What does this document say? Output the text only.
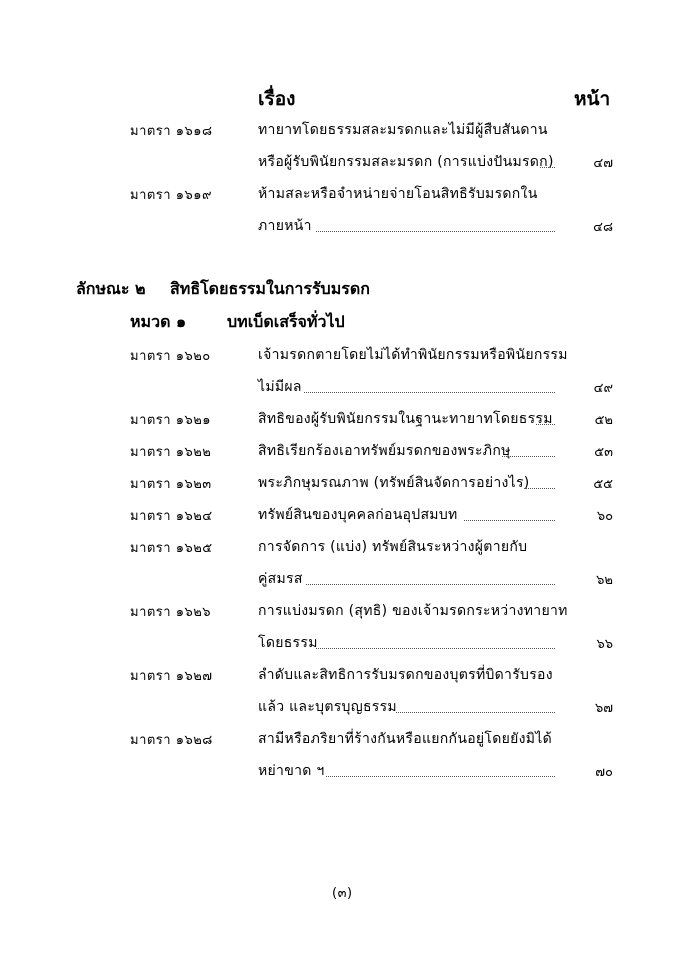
เรื่อง	หน้า
มาตรา ๑๖๑๘	ทายาทโดยธรรมสละมรดกและไม่มีผู้สืบสันดาน
หรือผู้รับพินัยกรรมสละมรดก (การแบ่งปันมรดก)	๔๗
มาตรา ๑๖๑๙	ห้ามสละหรือจำหน่ายจ่ายโอนสิทธิรับมรดกใน
ภายหน้า	๔๘
ลักษณะ ๒ สิทธิโดยธรรมในการรับมรดก
หมวด ๑	บทเบ็ดเสร็จทั่วไป
มาตรา ๑๖๒๐	เจ้ามรดกตายโดยไม่ได้ทำพินัยกรรมหรือพินัยกรรม
ไม่มีผล	๔๙
มาตรา ๑๖๒๑	สิทธิของผู้รับพินัยกรรมในฐานะทายาทโดยธรรม	๕๒
มาตรา ๑๖๒๒	สิทธิเรียกร้องเอาทรัพย์มรดกของพระภิกษุ	๕๓
มาตรา ๑๖๒๓	พระภิกษุมรณภาพ (ทรัพย์สินจัดการอย่างไร)	๕๕
มาตรา ๑๖๒๔	ทรัพย์สินของบุคคลก่อนอุปสมบท	๖๐
มาตรา ๑๖๒๕	การจัดการ (แบ่ง) ทรัพย์สินระหว่างผู้ตายกับ
คู่สมรส	๖๒
มาตรา ๑๖๒๖	การแบ่งมรดก (สุทธิ) ของเจ้ามรดกระหว่างทายาท
โดยธรรม	๖๖
มาตรา ๑๖๒๗	ลำดับและสิทธิการรับมรดกของบุตรที่บิดารับรอง
แล้ว และบุตรบุญธรรม	๖๗
มาตรา ๑๖๒๘	สามีหรือภริยาที่ร้างกันหรือแยกกันอยู่โดยยังมิได้
หย่าขาด ฯ	๗๐
(๓)
